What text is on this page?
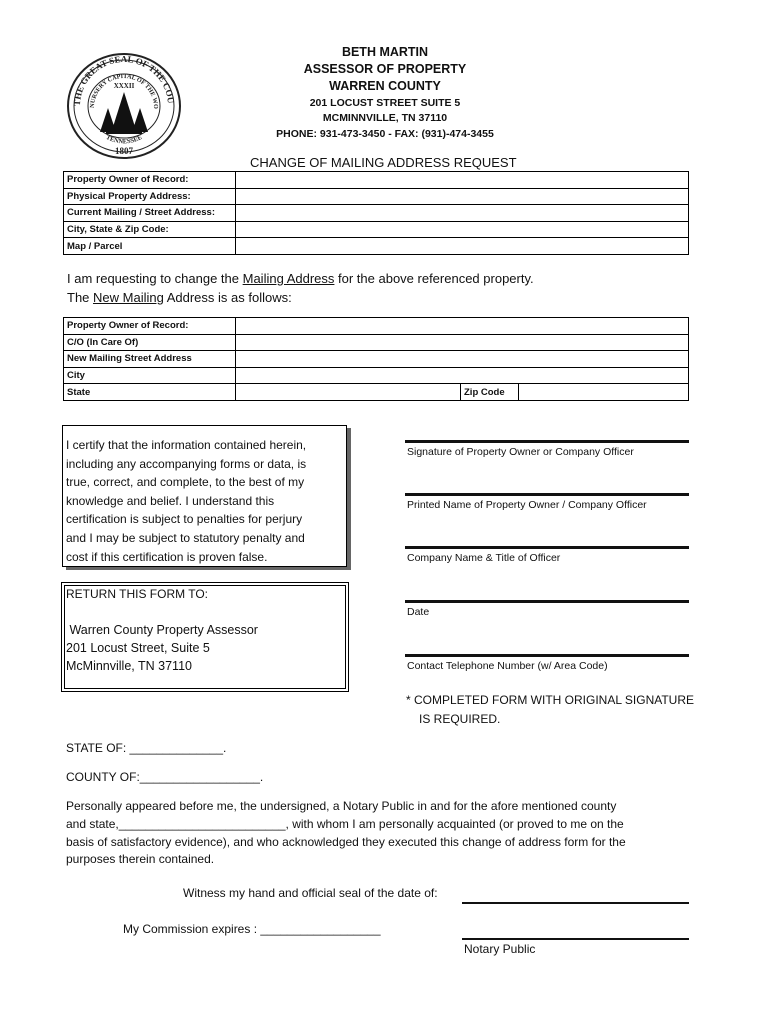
THE GREAT SEAL OF THE COU
NURSERY CAPITAL OF THE WO
XXXII
TENNESSEE
1807
BETH MARTIN
ASSESSOR OF PROPERTY
WARREN COUNTY
201 LOCUST STREET SUITE 5
MCMINNVILLE, TN 37110
PHONE: 931-473-3450 - FAX: (931)-474-3455
CHANGE OF MAILING ADDRESS REQUEST
Property Owner of Record:	
Physical Property Address:	
Current Mailing / Street Address:	
City, State & Zip Code:	
Map / Parcel	
I am requesting to change the Mailing Address for the above referenced property.
The New Mailing Address is as follows:
Property Owner of Record:			
C/O (In Care Of)			
New Mailing Street Address			
City			
State		Zip Code	
I certify that the information contained herein,
including any accompanying forms or data, is
true, correct, and complete, to the best of my
knowledge and belief. I understand this
certification is subject to penalties for perjury
and I may be subject to statutory penalty and
cost if this certification is proven false.
RETURN THIS FORM TO:
Warren County Property Assessor
201 Locust Street, Suite 5
McMinnville, TN 37110
Signature of Property Owner or Company Officer
Printed Name of Property Owner / Company Officer
Company Name & Title of Officer
Date
Contact Telephone Number (w/ Area Code)
* COMPLETED FORM WITH ORIGINAL SIGNATURE
IS REQUIRED.
STATE OF: ______________.
COUNTY OF:__________________.
Personally appeared before me, the undersigned, a Notary Public in and for the afore mentioned county
and state,_________________________, with whom I am personally acquainted (or proved to me on the
basis of satisfactory evidence), and who acknowledged they executed this change of address form for the
purposes therein contained.
Witness my hand and official seal of the date of:
My Commission expires : __________________
Notary Public
